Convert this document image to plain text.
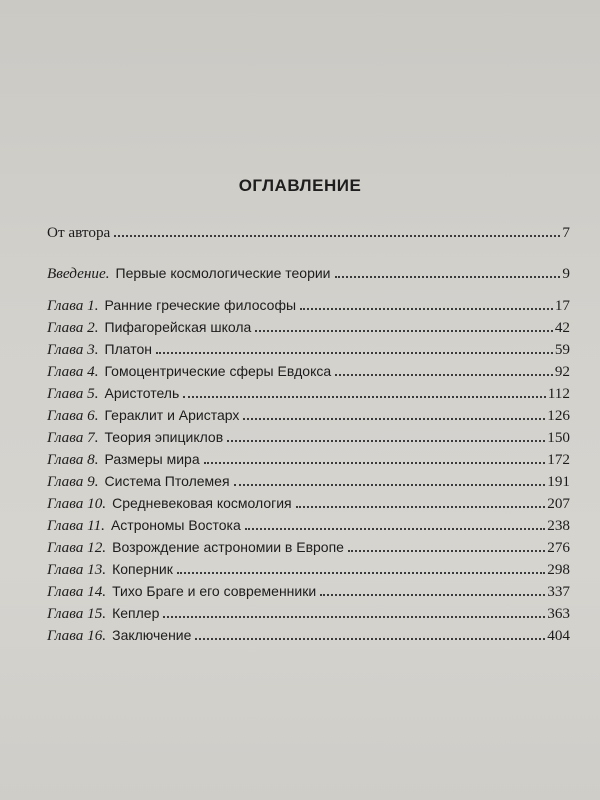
ОГЛАВЛЕНИЕ
От автора	7
Введение. Первые космологические теории	9
Глава 1. Ранние греческие философы	17
Глава 2. Пифагорейская школа	42
Глава 3. Платон	59
Глава 4. Гомоцентрические сферы Евдокса	92
Глава 5. Аристотель	112
Глава 6. Гераклит и Аристарх	126
Глава 7. Теория эпициклов	150
Глава 8. Размеры мира	172
Глава 9. Система Птолемея	191
Глава 10. Средневековая космология	207
Глава 11. Астрономы Востока	238
Глава 12. Возрождение астрономии в Европе	276
Глава 13. Коперник	298
Глава 14. Тихо Браге и его современники	337
Глава 15. Кеплер	363
Глава 16. Заключение	404
